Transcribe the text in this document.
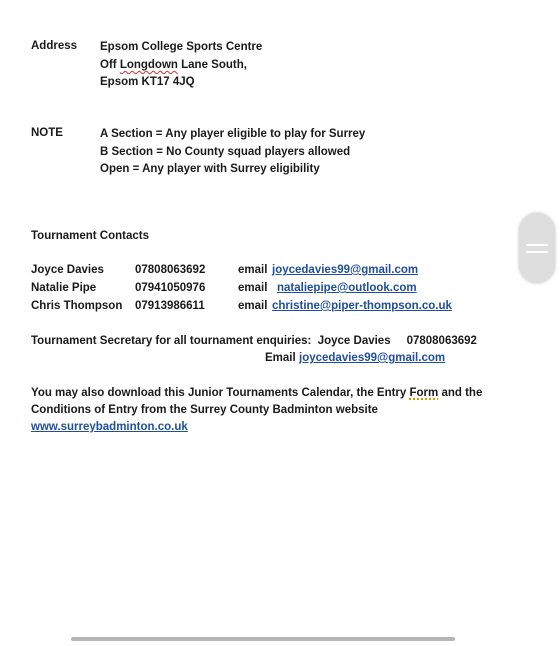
Address Epsom College Sports Centre
Off Longdown Lane South,
Epsom KT17 4JQ
NOTE	A Section = Any player eligible to play for Surrey
B Section = No County squad players allowed
Open = Any player with Surrey eligibility
Tournament Contacts
Joyce Davies	07808063692	email joycedavies99@gmail.com
Natalie Pipe	07941050976	email nataliepipe@outlook.com
Chris Thompson 07913986611	email christine@piper-thompson.co.uk
Tournament Secretary for all tournament enquiries:  Joyce Davies     07808063692
Email joycedavies99@gmail.com
You may also download this Junior Tournaments Calendar, the Entry Form and the
Conditions of Entry from the Surrey County Badminton website
www.surreybadminton.co.uk
